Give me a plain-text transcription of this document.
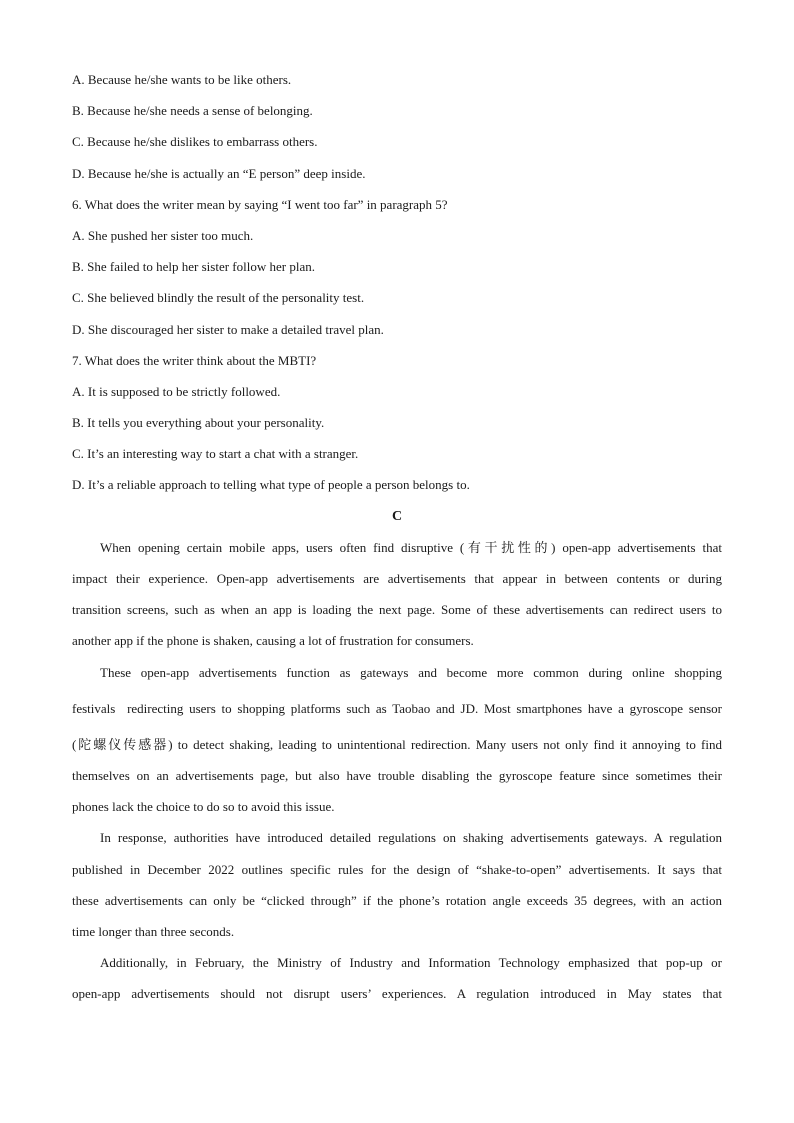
A. Because he/she wants to be like others.
B. Because he/she needs a sense of belonging.
C. Because he/she dislikes to embarrass others.
D. Because he/she is actually an “E person” deep inside.
6. What does the writer mean by saying “I went too far” in paragraph 5?
A. She pushed her sister too much.
B. She failed to help her sister follow her plan.
C. She believed blindly the result of the personality test.
D. She discouraged her sister to make a detailed travel plan.
7. What does the writer think about the MBTI?
A. It is supposed to be strictly followed.
B. It tells you everything about your personality.
C. It’s an interesting way to start a chat with a stranger.
D. It’s a reliable approach to telling what type of people a person belongs to.
C
When opening certain mobile apps, users often find disruptive (有干扰性的) open-app advertisements that
impact their experience. Open-app advertisements are advertisements that appear in between contents or during
transition screens, such as when an app is loading the next page. Some of these advertisements can redirect users to
another app if the phone is shaken, causing a lot of frustration for consumers.
These open-app advertisements function as gateways and become more common during online shopping
festivals redirecting users to shopping platforms such as Taobao and JD. Most smartphones have a gyroscope sensor
(陀螺仪传感器) to detect shaking, leading to unintentional redirection. Many users not only find it annoying to find
themselves on an advertisements page, but also have trouble disabling the gyroscope feature since sometimes their
phones lack the choice to do so to avoid this issue.
In response, authorities have introduced detailed regulations on shaking advertisements gateways. A regulation
published in December 2022 outlines specific rules for the design of “shake-to-open” advertisements. It says that
these advertisements can only be “clicked through” if the phone’s rotation angle exceeds 35 degrees, with an action
time longer than three seconds.
Additionally, in February, the Ministry of Industry and Information Technology emphasized that pop-up or
open-app advertisements should not disrupt users’ experiences. A regulation introduced in May states that
